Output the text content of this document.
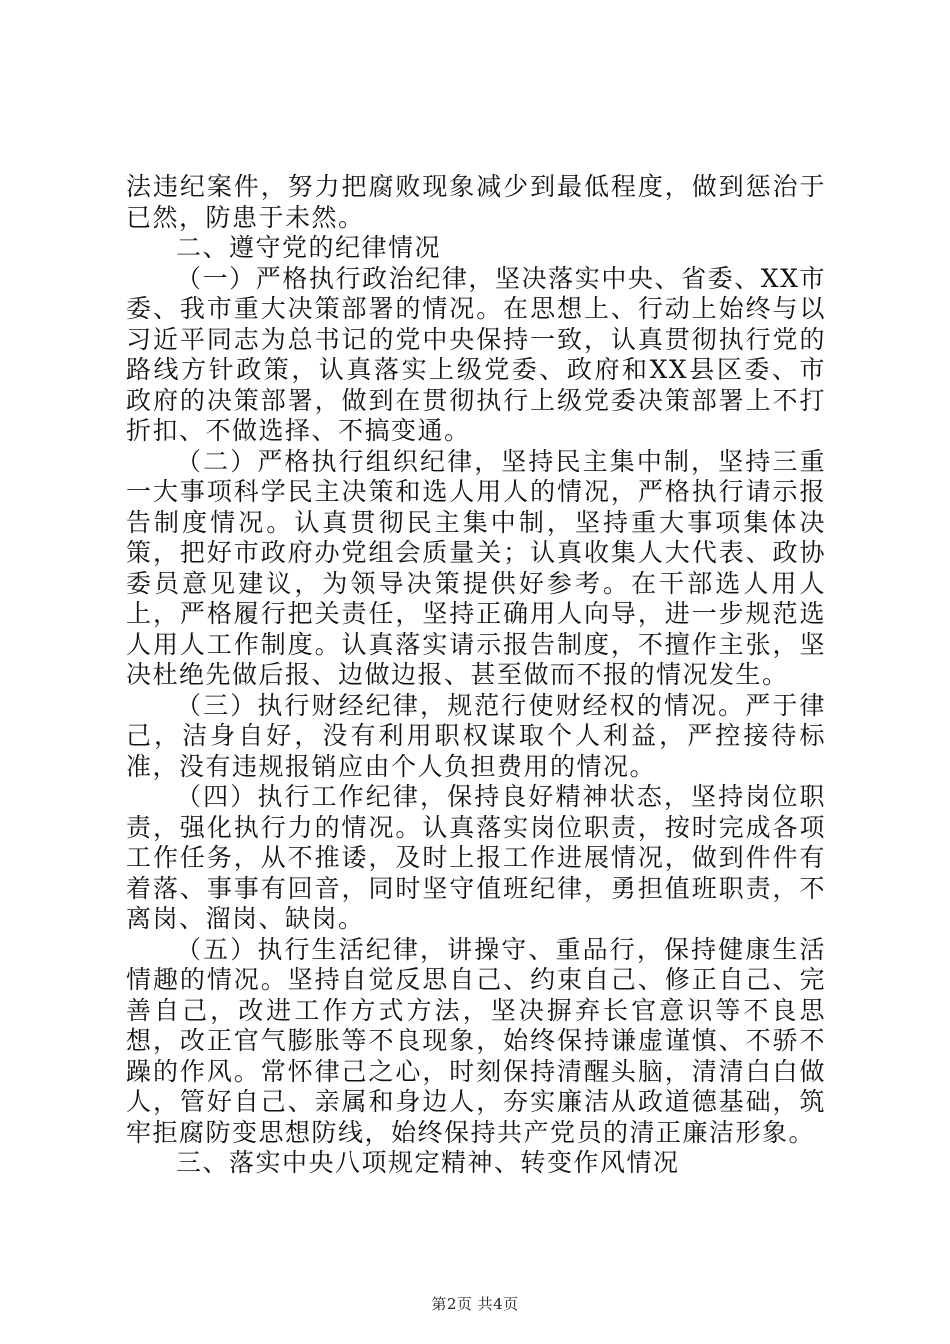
法违纪案件，努力把腐败现象减少到最低程度，做到惩治于已然，防患于未然。

二、遵守党的纪律情况

（一）严格执行政治纪律，坚决落实中央、省委、XX市委、我市重大决策部署的情况。在思想上、行动上始终与以习近平同志为总书记的党中央保持一致，认真贯彻执行党的路线方针政策，认真落实上级党委、政府和XX县区委、市政府的决策部署，做到在贯彻执行上级党委决策部署上不打折扣、不做选择、不搞变通。

（二）严格执行组织纪律，坚持民主集中制，坚持三重一大事项科学民主决策和选人用人的情况，严格执行请示报告制度情况。认真贯彻民主集中制，坚持重大事项集体决策，把好市政府办党组会质量关；认真收集人大代表、政协委员意见建议，为领导决策提供好参考。在干部选人用人上，严格履行把关责任，坚持正确用人向导，进一步规范选人用人工作制度。认真落实请示报告制度，不擅作主张，坚决杜绝先做后报、边做边报、甚至做而不报的情况发生。

（三）执行财经纪律，规范行使财经权的情况。严于律己，洁身自好，没有利用职权谋取个人利益，严控接待标准，没有违规报销应由个人负担费用的情况。

（四）执行工作纪律，保持良好精神状态，坚持岗位职责，强化执行力的情况。认真落实岗位职责，按时完成各项工作任务，从不推诿，及时上报工作进展情况，做到件件有着落、事事有回音，同时坚守值班纪律，勇担值班职责，不离岗、溜岗、缺岗。

（五）执行生活纪律，讲操守、重品行，保持健康生活情趣的情况。坚持自觉反思自己、约束自己、修正自己、完善自己，改进工作方式方法，坚决摒弃长官意识等不良思想，改正官气膨胀等不良现象，始终保持谦虚谨慎、不骄不躁的作风。常怀律己之心，时刻保持清醒头脑，清清白白做人，管好自己、亲属和身边人，夯实廉洁从政道德基础，筑牢拒腐防变思想防线，始终保持共产党员的清正廉洁形象。

三、落实中央八项规定精神、转变作风情况

第2页 共4页
